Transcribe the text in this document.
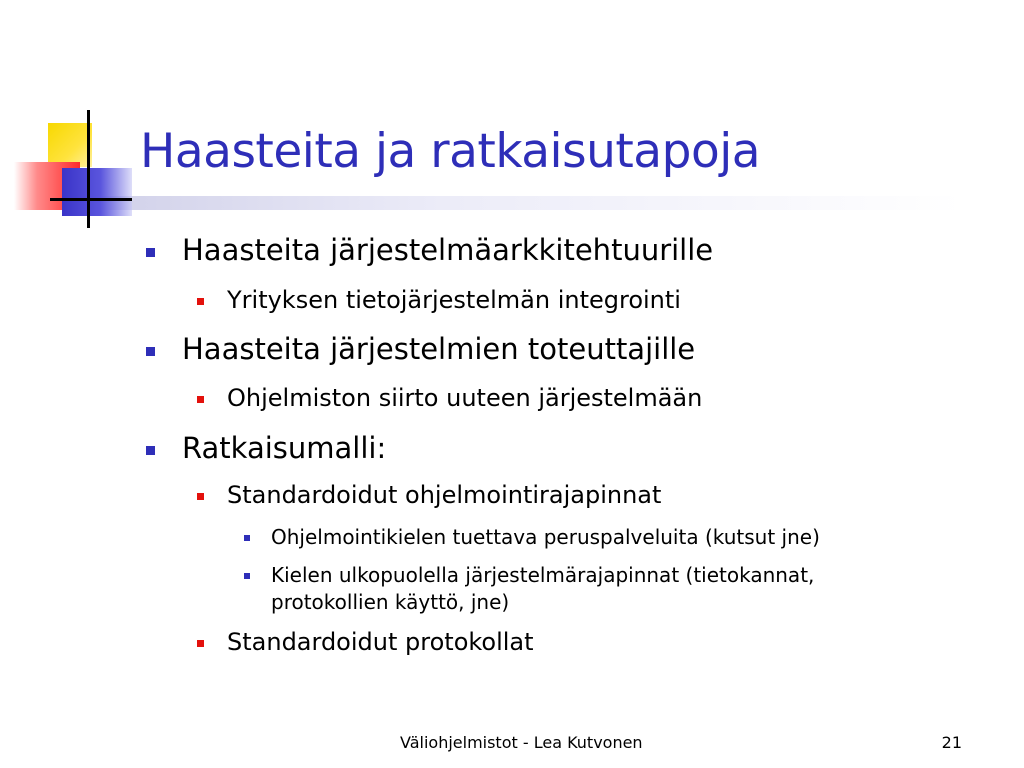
Haasteita ja ratkaisutapoja
Haasteita järjestelmäarkkitehtuurille
Yrityksen tietojärjestelmän integrointi
Haasteita järjestelmien toteuttajille
Ohjelmiston siirto uuteen järjestelmään
Ratkaisumalli:
Standardoidut ohjelmointirajapinnat
Ohjelmointikielen tuettava peruspalveluita (kutsut jne)
Kielen ulkopuolella järjestelmärajapinnat (tietokannat,
protokollien käyttö, jne)
Standardoidut protokollat
Väliohjelmistot - Lea Kutvonen	21
